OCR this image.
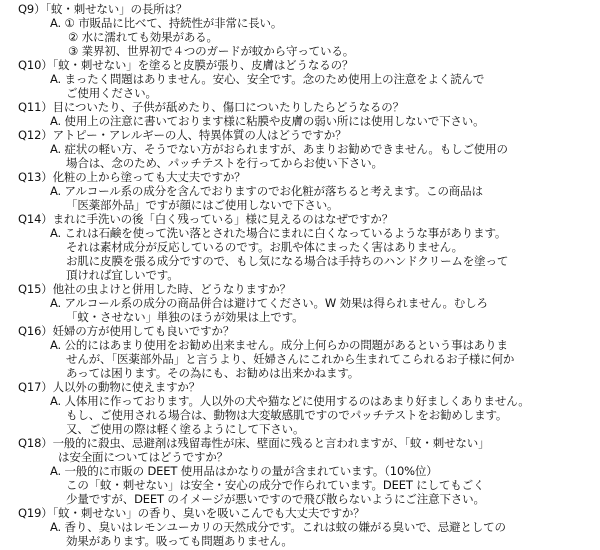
Q9）「蚊・刺せない」の長所は？
A. ① 市販品に比べて、持続性が非常に長い。
② 水に濡れても効果がある。
③ 業界初、世界初で４つのガードが蚊から守っている。
Q10）「蚊・刺せない」を塗ると皮膜が張り、皮膚はどうなるの？
A. まったく問題はありません。安心、安全です。念のため使用上の注意をよく読んで
ご使用ください。
Q11）目についたり、子供が舐めたり、傷口についたりしたらどうなるの？
A. 使用上の注意に書いております様に粘膜や皮膚の弱い所には使用しないで下さい。
Q12）アトピー・アレルギーの人、特異体質の人はどうですか？
A. 症状の軽い方、そうでない方がおられますが、あまりお勧めできません。もしご使用の
場合は、念のため、パッチテストを行ってからお使い下さい。
Q13）化粧の上から塗っても大丈夫ですか？
A. アルコール系の成分を含んでおりますのでお化粧が落ちると考えます。この商品は
「医薬部外品」ですが顔にはご使用しないで下さい。
Q14）まれに手洗いの後「白く残っている」様に見えるのはなぜですか？
A. これは石鹸を使って洗い落とされた場合にまれに白くなっているような事があります。
それは素材成分が反応しているのです。お肌や体にまったく害はありません。
お肌に皮膜を張る成分ですので、もし気になる場合は手持ちのハンドクリームを塗って
頂ければ宜しいです。
Q15）他社の虫よけと併用した時、どうなりますか？
A. アルコール系の成分の商品併合は避けてください。W 効果は得られません。むしろ
「蚊・させない」単独のほうが効果は上です。
Q16）妊婦の方が使用しても良いですか？
A. 公的にはあまり使用をお勧め出来ません。成分上何らかの問題があるという事はありま
せんが、「医薬部外品」と言うより、妊婦さんにこれから生まれてこられるお子様に何か
あっては困ります。その為にも、お勧めは出来かねます。
Q17）人以外の動物に使えますか？
A. 人体用に作っております。人以外の犬や猫などに使用するのはあまり好ましくありません。
もし、ご使用される場合は、動物は大変敏感肌ですのでパッチテストをお勧めします。
又、ご使用の際は軽く塗るようにして下さい。
Q18）一般的に殺虫、忌避剤は残留毒性が床、壁面に残ると言われますが、「蚊・刺せない」
は安全面についてはどうですか？
A. 一般的に市販の DEET 使用品はかなりの量が含まれています。（10%位）
この「蚊・刺せない」は安全・安心の成分で作られています。DEET にしてもごく
少量ですが、DEET のイメージが悪いですので飛び散らないようにご注意下さい。
Q19）「蚊・刺せない」の香り、臭いを吸いこんでも大丈夫ですか？
A. 香り、臭いはレモンユーカリの天然成分です。これは蚊の嫌がる臭いで、忌避としての
効果があります。吸っても問題ありません。
